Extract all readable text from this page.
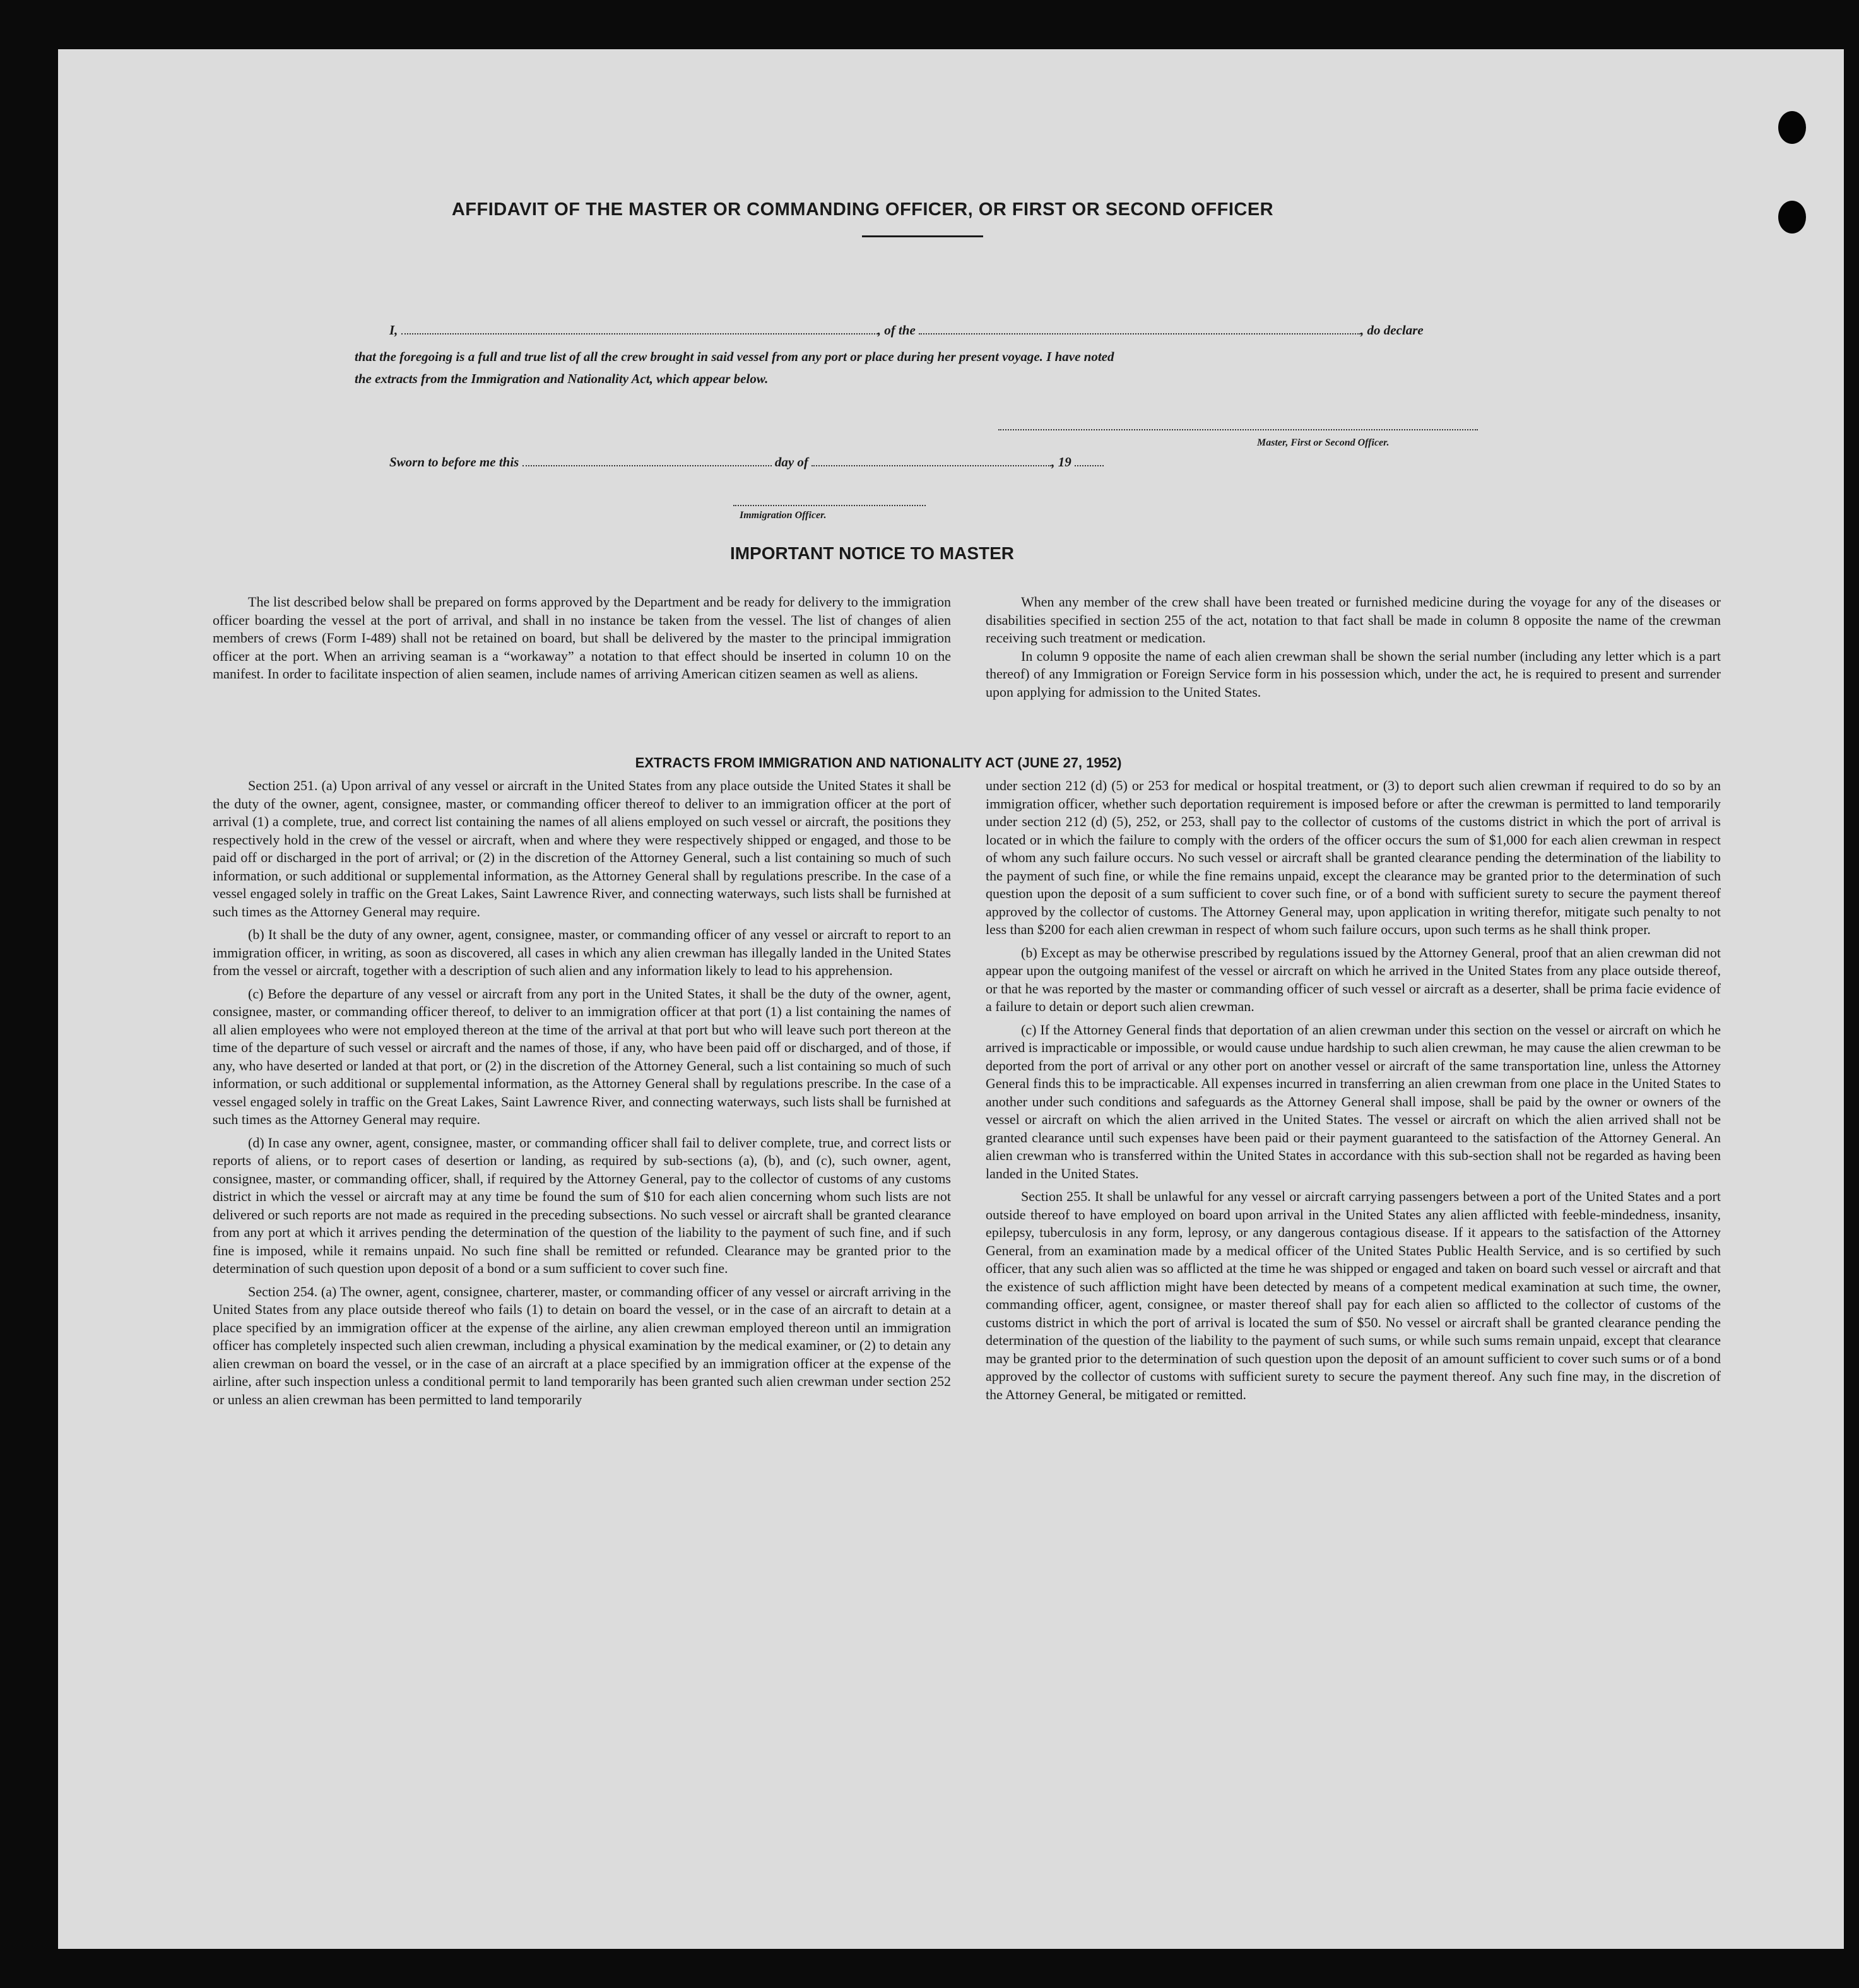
AFFIDAVIT OF THE MASTER OR COMMANDING OFFICER, OR FIRST OR SECOND OFFICER
I,	, of the	, do declare
that the foregoing is a full and true list of all the crew brought in said vessel from any port or place during her present voyage. I have noted
the extracts from the Immigration and Nationality Act, which appear below.
Master, First or Second Officer.
Sworn to before me this	day of	, 19
Immigration Officer.
IMPORTANT NOTICE TO MASTER
The list described below shall be prepared on forms approved by the Department and be ready for delivery to the immigration officer boarding the vessel at the port of arrival, and shall in no instance be taken from the vessel. The list of changes of alien members of crews (Form I-489) shall not be retained on board, but shall be delivered by the master to the principal immigration officer at the port. When an arriving seaman is a “workaway” a notation to that effect should be inserted in column 10 on the manifest. In order to facilitate inspection of alien seamen, include names of arriving American citizen seamen as well as aliens.
When any member of the crew shall have been treated or furnished medicine during the voyage for any of the diseases or disabilities specified in section 255 of the act, notation to that fact shall be made in column 8 opposite the name of the crewman receiving such treatment or medication.
In column 9 opposite the name of each alien crewman shall be shown the serial number (including any letter which is a part thereof) of any Immigration or Foreign Service form in his possession which, under the act, he is required to present and surrender upon applying for admission to the United States.
EXTRACTS FROM IMMIGRATION AND NATIONALITY ACT (JUNE 27, 1952)

Section 251. (a) Upon arrival of any vessel or aircraft in the United States from any place outside the United States it shall be the duty of the owner, agent, consignee, master, or commanding officer thereof to deliver to an immigration officer at the port of arrival (1) a complete, true, and correct list containing the names of all aliens employed on such vessel or aircraft, the positions they respectively hold in the crew of the vessel or aircraft, when and where they were respectively shipped or engaged, and those to be paid off or discharged in the port of arrival; or (2) in the discretion of the Attorney General, such a list containing so much of such information, or such additional or supplemental information, as the Attorney General shall by regulations prescribe. In the case of a vessel engaged solely in traffic on the Great Lakes, Saint Lawrence River, and connecting waterways, such lists shall be furnished at such times as the Attorney General may require.

(b) It shall be the duty of any owner, agent, consignee, master, or commanding officer of any vessel or aircraft to report to an immigration officer, in writing, as soon as discovered, all cases in which any alien crewman has illegally landed in the United States from the vessel or aircraft, together with a description of such alien and any information likely to lead to his apprehension.

(c) Before the departure of any vessel or aircraft from any port in the United States, it shall be the duty of the owner, agent, consignee, master, or commanding officer thereof, to deliver to an immigration officer at that port (1) a list containing the names of all alien employees who were not employed thereon at the time of the arrival at that port but who will leave such port thereon at the time of the departure of such vessel or aircraft and the names of those, if any, who have been paid off or discharged, and of those, if any, who have deserted or landed at that port, or (2) in the discretion of the Attorney General, such a list containing so much of such information, or such additional or supplemental information, as the Attorney General shall by regulations prescribe. In the case of a vessel engaged solely in traffic on the Great Lakes, Saint Lawrence River, and connecting waterways, such lists shall be furnished at such times as the Attorney General may require.

(d) In case any owner, agent, consignee, master, or commanding officer shall fail to deliver complete, true, and correct lists or reports of aliens, or to report cases of desertion or landing, as required by sub-sections (a), (b), and (c), such owner, agent, consignee, master, or commanding officer, shall, if required by the Attorney General, pay to the collector of customs of any customs district in which the vessel or aircraft may at any time be found the sum of $10 for each alien concerning whom such lists are not delivered or such reports are not made as required in the preceding subsections. No such vessel or aircraft shall be granted clearance from any port at which it arrives pending the determination of the question of the liability to the payment of such fine, and if such fine is imposed, while it remains unpaid. No such fine shall be remitted or refunded. Clearance may be granted prior to the determination of such question upon deposit of a bond or a sum sufficient to cover such fine.

Section 254. (a) The owner, agent, consignee, charterer, master, or commanding officer of any vessel or aircraft arriving in the United States from any place outside thereof who fails (1) to detain on board the vessel, or in the case of an aircraft to detain at a place specified by an immigration officer at the expense of the airline, any alien crewman employed thereon until an immigration officer has completely inspected such alien crewman, including a physical examination by the medical examiner, or (2) to detain any alien crewman on board the vessel, or in the case of an aircraft at a place specified by an immigration officer at the expense of the airline, after such inspection unless a conditional permit to land temporarily has been granted such alien crewman under section 252 or unless an alien crewman has been permitted to land temporarily

under section 212 (d) (5) or 253 for medical or hospital treatment, or (3) to deport such alien crewman if required to do so by an immigration officer, whether such deportation requirement is imposed before or after the crewman is permitted to land temporarily under section 212 (d) (5), 252, or 253, shall pay to the collector of customs of the customs district in which the port of arrival is located or in which the failure to comply with the orders of the officer occurs the sum of $1,000 for each alien crewman in respect of whom any such failure occurs. No such vessel or aircraft shall be granted clearance pending the determination of the liability to the payment of such fine, or while the fine remains unpaid, except the clearance may be granted prior to the determination of such question upon the deposit of a sum sufficient to cover such fine, or of a bond with sufficient surety to secure the payment thereof approved by the collector of customs. The Attorney General may, upon application in writing therefor, mitigate such penalty to not less than $200 for each alien crewman in respect of whom such failure occurs, upon such terms as he shall think proper.

(b) Except as may be otherwise prescribed by regulations issued by the Attorney General, proof that an alien crewman did not appear upon the outgoing manifest of the vessel or aircraft on which he arrived in the United States from any place outside thereof, or that he was reported by the master or commanding officer of such vessel or aircraft as a deserter, shall be prima facie evidence of a failure to detain or deport such alien crewman.

(c) If the Attorney General finds that deportation of an alien crewman under this section on the vessel or aircraft on which he arrived is impracticable or impossible, or would cause undue hardship to such alien crewman, he may cause the alien crewman to be deported from the port of arrival or any other port on another vessel or aircraft of the same transportation line, unless the Attorney General finds this to be impracticable. All expenses incurred in transferring an alien crewman from one place in the United States to another under such conditions and safeguards as the Attorney General shall impose, shall be paid by the owner or owners of the vessel or aircraft on which the alien arrived in the United States. The vessel or aircraft on which the alien arrived shall not be granted clearance until such expenses have been paid or their payment guaranteed to the satisfaction of the Attorney General. An alien crewman who is transferred within the United States in accordance with this sub-section shall not be regarded as having been landed in the United States.

Section 255. It shall be unlawful for any vessel or aircraft carrying passengers between a port of the United States and a port outside thereof to have employed on board upon arrival in the United States any alien afflicted with feeble-mindedness, insanity, epilepsy, tuberculosis in any form, leprosy, or any dangerous contagious disease. If it appears to the satisfaction of the Attorney General, from an examination made by a medical officer of the United States Public Health Service, and is so certified by such officer, that any such alien was so afflicted at the time he was shipped or engaged and taken on board such vessel or aircraft and that the existence of such affliction might have been detected by means of a competent medical examination at such time, the owner, commanding officer, agent, consignee, or master thereof shall pay for each alien so afflicted to the collector of customs of the customs district in which the port of arrival is located the sum of $50. No vessel or aircraft shall be granted clearance pending the determination of the question of the liability to the payment of such sums, or while such sums remain unpaid, except that clearance may be granted prior to the determination of such question upon the deposit of an amount sufficient to cover such sums or of a bond approved by the collector of customs with sufficient surety to secure the payment thereof. Any such fine may, in the discretion of the Attorney General, be mitigated or remitted.
